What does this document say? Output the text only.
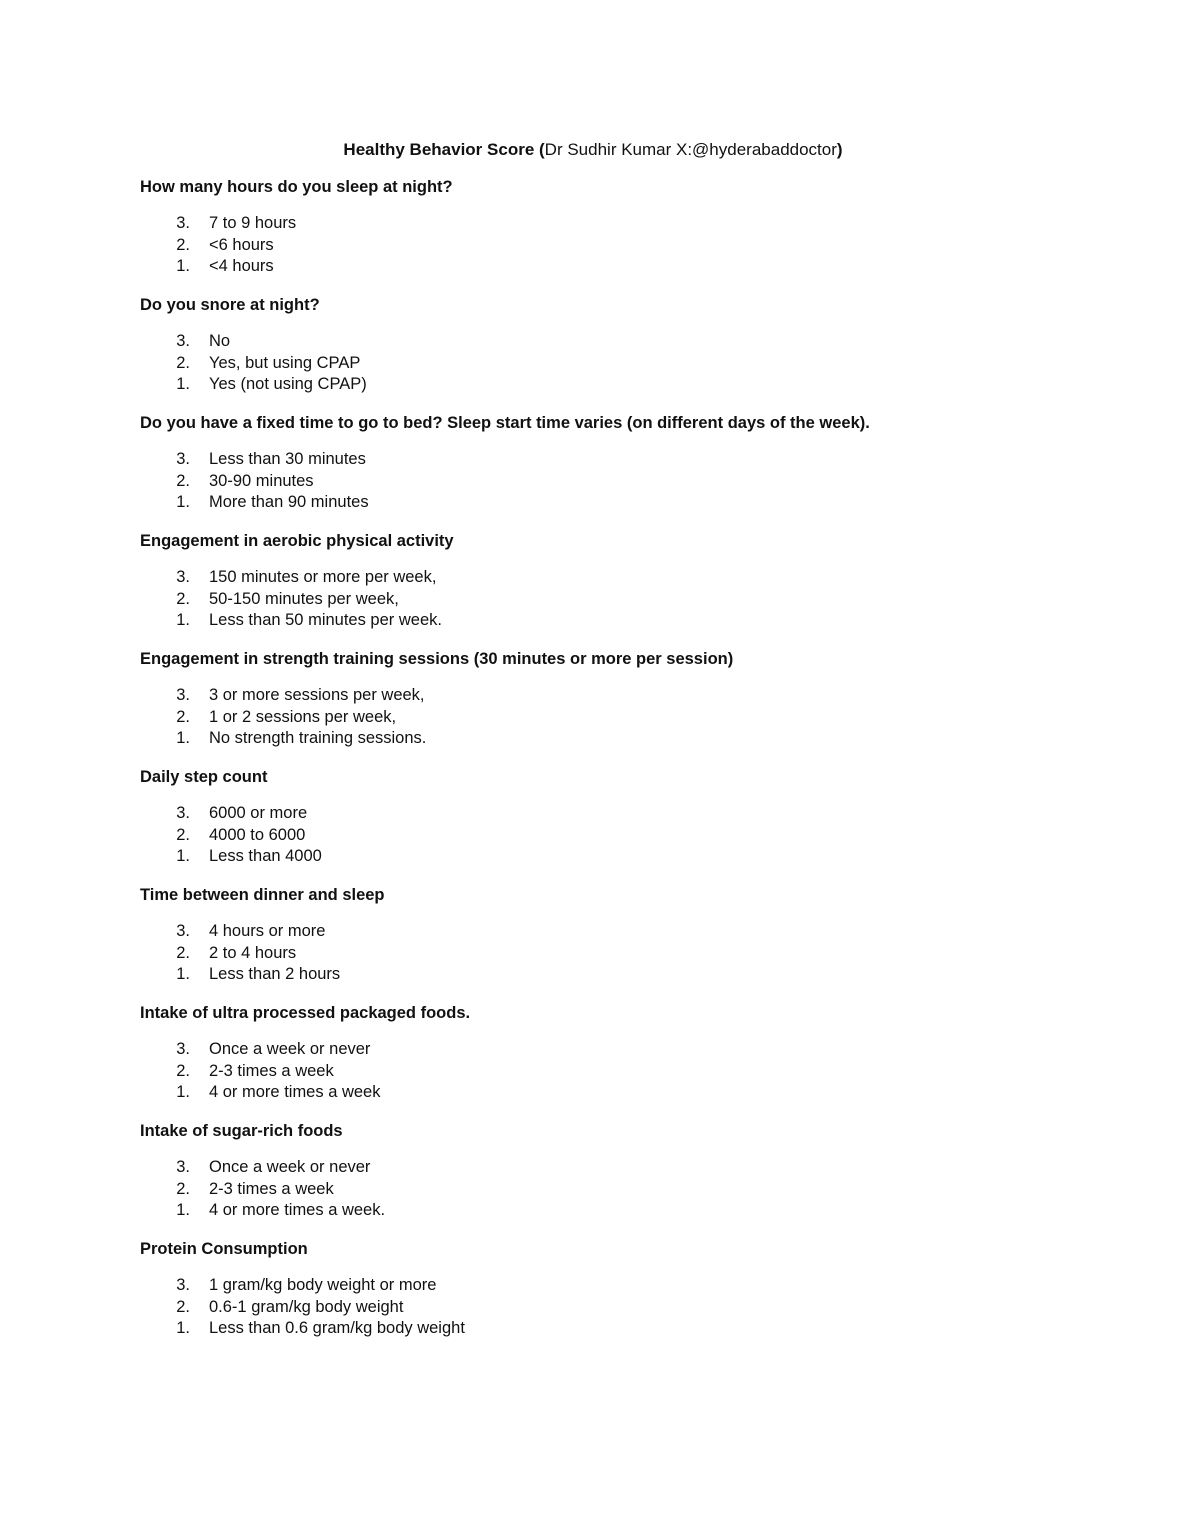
Healthy Behavior Score (Dr Sudhir Kumar X:@hyderabaddoctor)
How many hours do you sleep at night?
3. 7 to 9 hours
2. <6 hours
1. <4 hours
Do you snore at night?
3. No
2. Yes, but using CPAP
1. Yes (not using CPAP)
Do you have a fixed time to go to bed? Sleep start time varies (on different days of the week).
3. Less than 30 minutes
2. 30-90 minutes
1. More than 90 minutes
Engagement in aerobic physical activity
3. 150 minutes or more per week,
2. 50-150 minutes per week,
1. Less than 50 minutes per week.
Engagement in strength training sessions (30 minutes or more per session)
3. 3 or more sessions per week,
2. 1 or 2 sessions per week,
1. No strength training sessions.
Daily step count
3. 6000 or more
2. 4000 to 6000
1. Less than 4000
Time between dinner and sleep
3. 4 hours or more
2. 2 to 4 hours
1. Less than 2 hours
Intake of ultra processed packaged foods.
3. Once a week or never
2. 2-3 times a week
1. 4 or more times a week
Intake of sugar-rich foods
3. Once a week or never
2. 2-3 times a week
1. 4 or more times a week.
Protein Consumption
3. 1 gram/kg body weight or more
2. 0.6-1 gram/kg body weight
1. Less than 0.6 gram/kg body weight
